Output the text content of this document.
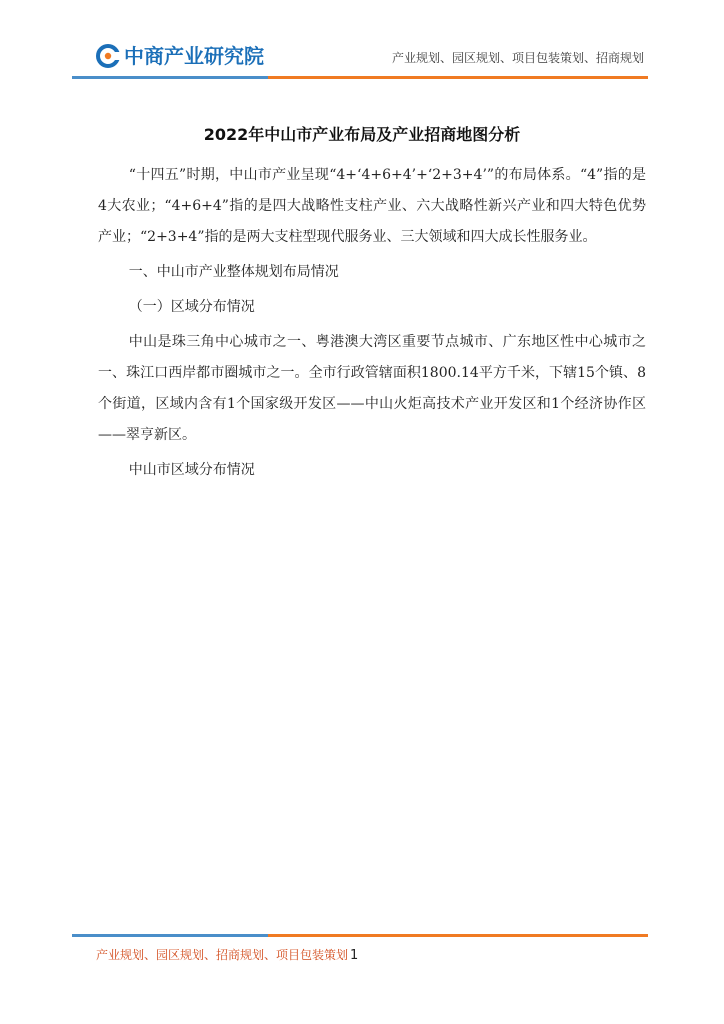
中商产业研究院	产业规划、园区规划、项目包装策划、招商规划
2022年中山市产业布局及产业招商地图分析

“十四五”时期，中山市产业呈现“4+‘4+6+4’+‘2+3+4’”的布局体系。“4”指的是4大农业；“4+6+4”指的是四大战略性支柱产业、六大战略性新兴产业和四大特色优势产业；“2+3+4”指的是两大支柱型现代服务业、三大领域和四大成长性服务业。

一、中山市产业整体规划布局情况

（一）区域分布情况

中山是珠三角中心城市之一、粤港澳大湾区重要节点城市、广东地区性中心城市之一、珠江口西岸都市圈城市之一。全市行政管辖面积1800.14平方千米，下辖15个镇、8个街道，区域内含有1个国家级开发区——中山火炬高技术产业开发区和1个经济协作区——翠亨新区。

中山市区域分布情况

产业规划、园区规划、招商规划、项目包装策划 1
